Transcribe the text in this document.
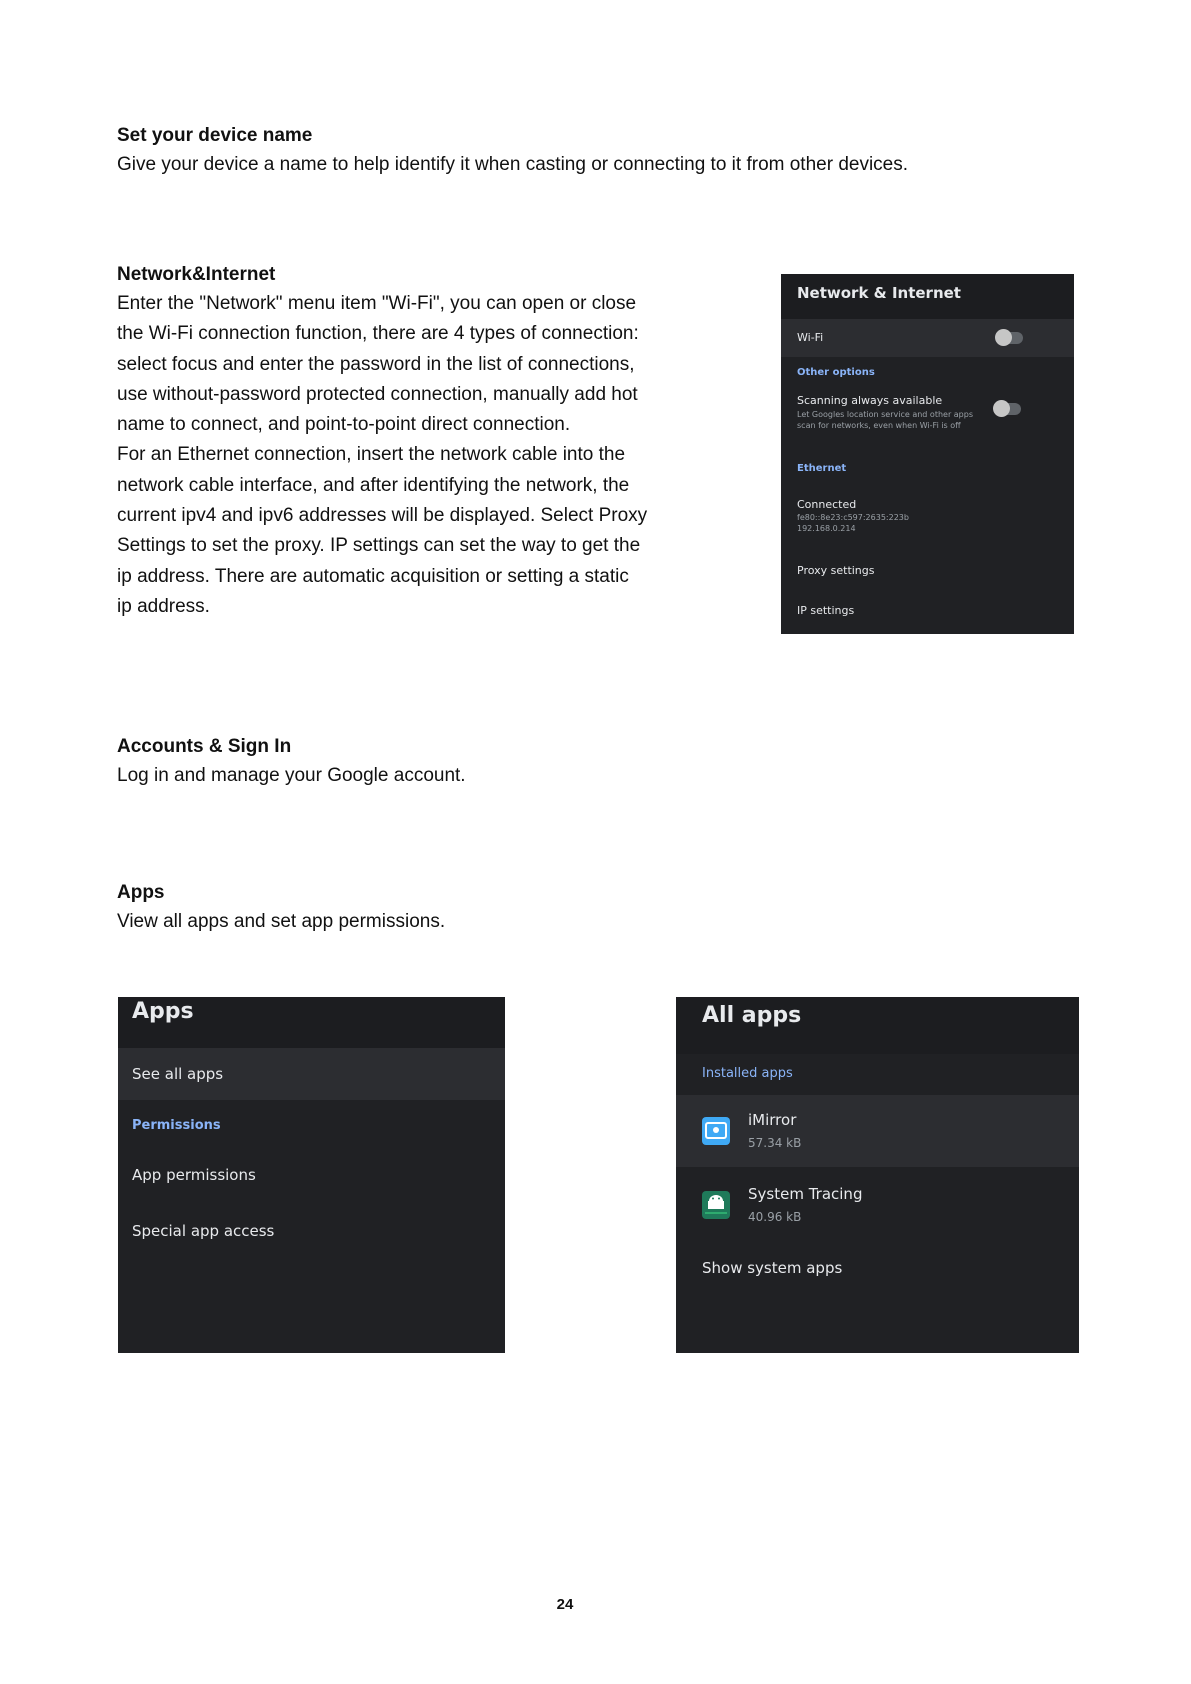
Set your device name

Give your device a name to help identify it when casting or connecting to it from other devices.

Network&Internet

Enter the "Network" menu item "Wi-Fi", you can open or close
the Wi-Fi connection function, there are 4 types of connection:
select focus and enter the password in the list of connections,
use without-password protected connection, manually add hot
name to connect, and point-to-point direct connection.
For an Ethernet connection, insert the network cable into the
network cable interface, and after identifying the network, the
current ipv4 and ipv6 addresses will be displayed. Select Proxy
Settings to set the proxy. IP settings can set the way to get the
ip address. There are automatic acquisition or setting a static
ip address.
Network & Internet
Wi-Fi
Other options
Scanning always available
Let Googles location service and other apps
scan for networks, even when Wi-Fi is off
Ethernet
Connected
fe80::8e23:c597:2635:223b
192.168.0.214
Proxy settings
IP settings

Accounts & Sign In

Log in and manage your Google account.

Apps

View all apps and set app permissions.

Apps
See all apps
Permissions
App permissions
Special app access
All apps
Installed apps
iMirror
57.34 kB
System Tracing
40.96 kB
Show system apps
24
